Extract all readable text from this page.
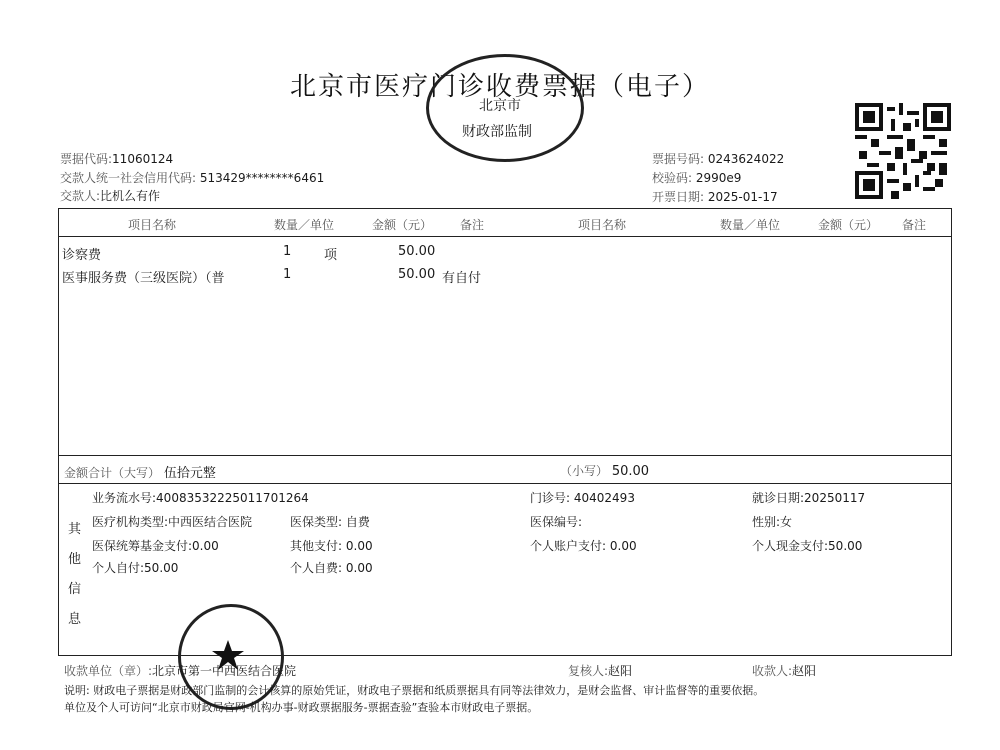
北京市医疗门诊收费票据（电子）
北京市
财政部监制
票据代码:11060124
交款人统一社会信用代码: 513429********6461
交款人:比机么有作
票据号码: 0243624022
校验码: 2990e9
开票日期: 2025-01-17
项目名称	数量／单位	金额（元） 备注	项目名称	数量／单位	金额（元） 备注
诊察费	1	项	50.00
医事服务费（三级医院）（普	1	50.00 有自付
金额合计（大写） 伍拾元整	（小写） 50.00
其
他
信
息
业务流水号:40083532225011701264	门诊号: 40402493	就诊日期:20250117
医疗机构类型:中西医结合医院	医保类型: 自费	医保编号:	性别:女
医保统筹基金支付:0.00	其他支付: 0.00	个人账户支付: 0.00	个人现金支付:50.00
个人自付:50.00	个人自费: 0.00
收款单位（章）:北京市第一中西医结合医院	复核人:赵阳	收款人:赵阳
说明: 财政电子票据是财政部门监制的会计核算的原始凭证，财政电子票据和纸质票据具有同等法律效力，是财会监督、审计监督等的重要依据。
单位及个人可访问“北京市财政局官网-机构办事-财政票据服务-票据查验”查验本市财政电子票据。
